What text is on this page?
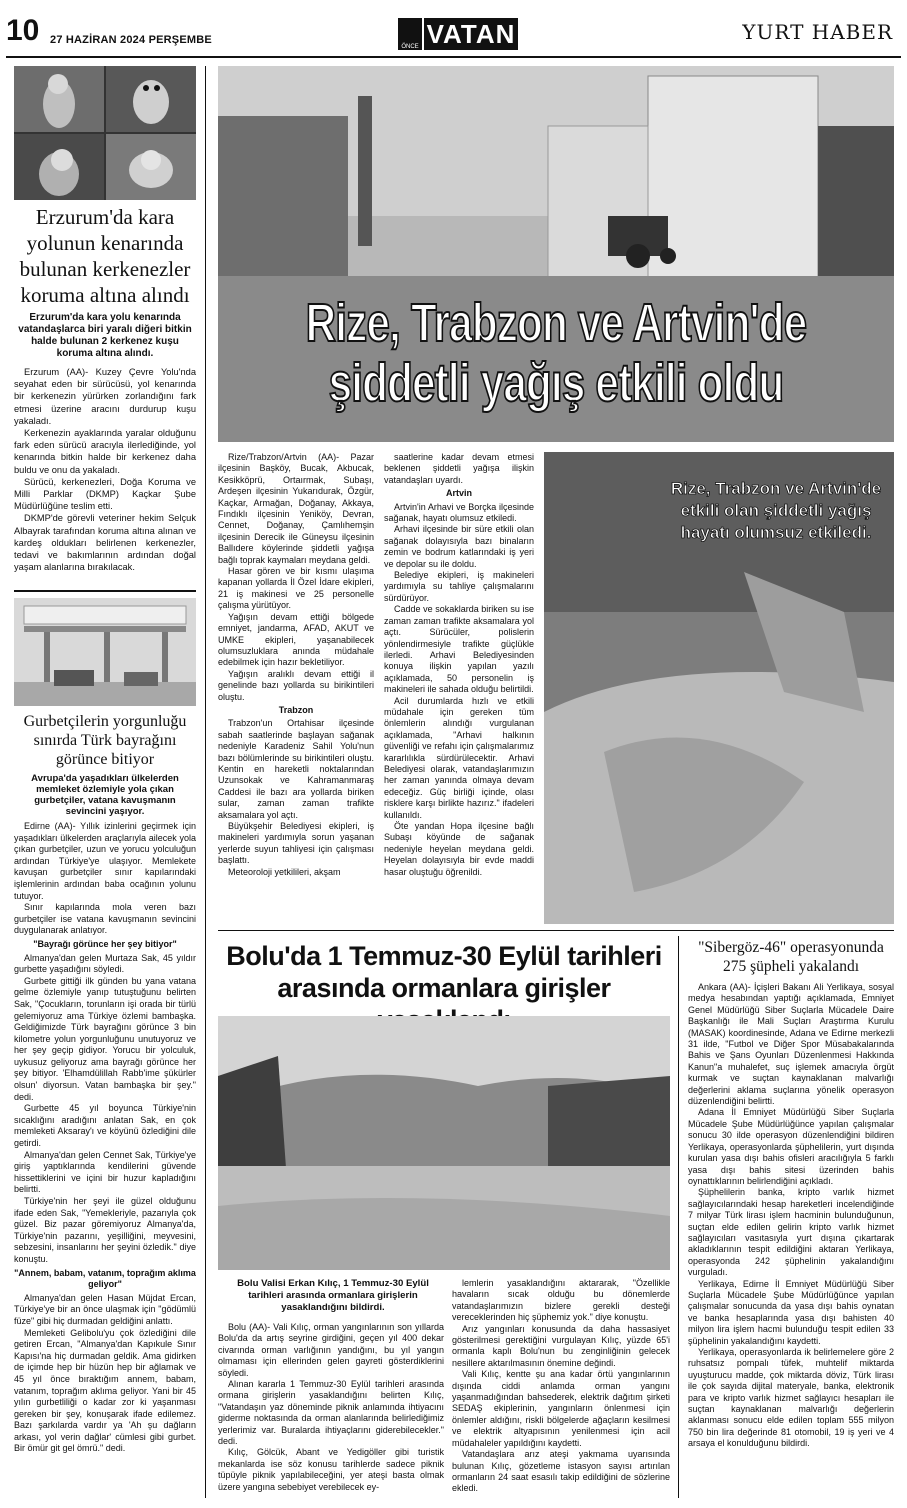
10 27 HAZİRAN 2024 PERŞEMBE
ÖNCE VATAN	YURT HABER
Erzurum'da kara yolunun kenarında bulunan kerkenezler koruma altına alındı
Erzurum'da kara yolu kenarında vatandaşlarca biri yaralı diğeri bitkin halde bulunan 2 kerkenez kuşu koruma altına alındı.

Erzurum (AA)- Kuzey Çevre Yolu'nda seyahat eden bir sürücüsü, yol kenarında bir kerkenezin yürürken zorlandığını fark etmesi üzerine aracını durdurup kuşu yakaladı.

Kerkenezin ayaklarında yaralar olduğunu fark eden sürücü aracıyla ilerlediğinde, yol kenarında bitkin halde bir kerkenez daha buldu ve onu da yakaladı.

Sürücü, kerkenezleri, Doğa Koruma ve Milli Parklar (DKMP) Kaçkar Şube Müdürlüğüne teslim etti.

DKMP'de görevli veteriner hekim Selçuk Albayrak tarafından koruma altına alınan ve kardeş oldukları belirlenen kerkenezler, tedavi ve bakımlarının ardından doğal yaşam alanlarına bırakılacak.

Gurbetçilerin yorgunluğu sınırda Türk bayrağını görünce bitiyor
Avrupa'da yaşadıkları ülkelerden memleket özlemiyle yola çıkan gurbetçiler, vatana kavuşmanın sevincini yaşıyor.

Edirne (AA)- Yıllık izinlerini geçirmek için yaşadıkları ülkelerden araçlarıyla ailecek yola çıkan gurbetçiler, uzun ve yorucu yolculuğun ardından Türkiye'ye ulaşıyor. Memlekete kavuşan gurbetçiler sınır kapılarındaki işlemlerinin ardından baba ocağının yolunu tutuyor.

Sınır kapılarında mola veren bazı gurbetçiler ise vatana kavuşmanın sevincini duygulanarak anlatıyor.

"Bayrağı görünce her şey bitiyor"

Almanya'dan gelen Murtaza Sak, 45 yıldır gurbette yaşadığını söyledi.

Gurbete gittiği ilk günden bu yana vatana gelme özlemiyle yanıp tutuştuğunu belirten Sak, "Çocukların, torunların işi orada bir türlü gelemiyoruz ama Türkiye özlemi bambaşka. Geldiğimizde Türk bayrağını görünce 3 bin kilometre yolun yorgunluğunu unutuyoruz ve her şey geçip gidiyor. Yorucu bir yolculuk, uykusuz geliyoruz ama bayrağı görünce her şey bitiyor. 'Elhamdülillah Rabb'ime şükürler olsun' diyorsun. Vatan bambaşka bir şey." dedi.

Gurbette 45 yıl boyunca Türkiye'nin sıcaklığını aradığını anlatan Sak, en çok memleketi Aksaray'ı ve köyünü özlediğini dile getirdi.

Almanya'dan gelen Cennet Sak, Türkiye'ye giriş yaptıklarında kendilerini güvende hissettiklerini ve içini bir huzur kapladığını belirtti.

Türkiye'nin her şeyi ile güzel olduğunu ifade eden Sak, "Yemekleriyle, pazarıyla çok güzel. Biz pazar göremiyoruz Almanya'da, Türkiye'nin pazarını, yeşilliğini, meyvesini, sebzesini, insanlarını her şeyini özledik." diye konuştu.

"Annem, babam, vatanım, toprağım aklıma geliyor"

Almanya'dan gelen Hasan Müjdat Ercan, Türkiye'ye bir an önce ulaşmak için "gödümlü füze" gibi hiç durmadan geldiğini anlattı.

Memleketi Gelibolu'yu çok özlediğini dile getiren Ercan, "Almanya'dan Kapıkule Sınır Kapısı'na hiç durmadan geldik. Ama gidirken de içimde hep bir hüzün hep bir ağlamak ve 45 yıl önce bıraktığım annem, babam, vatanım, toprağım aklıma geliyor. Yani bir 45 yılın gurbetliliği o kadar zor ki yaşanması gereken bir şey, konuşarak ifade edilemez. Bazı şarkılarda vardır ya 'Ah şu dağların arkası, yol verin dağlar' cümlesi gibi gurbet. Bir ömür git gel ömrü." dedi.

Rize, Trabzon ve Artvin'de şiddetli yağış etkili oldu

Rize/Trabzon/Artvin (AA)- Pazar ilçesinin Başköy, Bucak, Akbucak, Kesikköprü, Ortaırmak, Subaşı, Ardeşen ilçesinin Yukarıdurak, Özgür, Kaçkar, Armağan, Doğanay, Akkaya, Fındıklı ilçesinin Yeniköy, Devran, Cennet, Doğanay, Çamlıhemşin ilçesinin Derecik ile Güneysu ilçesinin Ballıdere köylerinde şiddetli yağışa bağlı toprak kaymaları meydana geldi.

Hasar gören ve bir kısmı ulaşıma kapanan yollarda İl Özel İdare ekipleri, 21 iş makinesi ve 25 personelle çalışma yürütüyor.

Yağışın devam ettiği bölgede emniyet, jandarma, AFAD, AKUT ve UMKE ekipleri, yaşanabilecek olumsuzluklara anında müdahale edebilmek için hazır bekletiliyor.

Yağışın aralıklı devam ettiği il genelinde bazı yollarda su birikintileri oluştu.

Trabzon

Trabzon'un Ortahisar ilçesinde sabah saatlerinde başlayan sağanak nedeniyle Karadeniz Sahil Yolu'nun bazı bölümlerinde su birikintileri oluştu. Kentin en hareketli noktalarından Uzunsokak ve Kahramanmaraş Caddesi ile bazı ara yollarda biriken sular, zaman zaman trafikte aksamalara yol açtı.

Büyükşehir Belediyesi ekipleri, iş makineleri yardımıyla sorun yaşanan yerlerde suyun tahliyesi için çalışması başlattı.

Meteoroloji yetkilileri, akşam

saatlerine kadar devam etmesi beklenen şiddetli yağışa ilişkin vatandaşları uyardı.

Artvin

Artvin'in Arhavi ve Borçka ilçesinde sağanak, hayatı olumsuz etkiledi.

Arhavi ilçesinde bir süre etkili olan sağanak dolayısıyla bazı binaların zemin ve bodrum katlarındaki iş yeri ve depolar su ile doldu.

Belediye ekipleri, iş makineleri yardımıyla su tahliye çalışmalarını sürdürüyor.

Cadde ve sokaklarda biriken su ise zaman zaman trafikte aksamalara yol açtı. Sürücüler, polislerin yönlendirmesiyle trafikte güçlükle ilerledi. Arhavi Belediyesinden konuya ilişkin yapılan yazılı açıklamada, 50 personelin iş makineleri ile sahada olduğu belirtildi.

Acil durumlarda hızlı ve etkili müdahale için gereken tüm önlemlerin alındığı vurgulanan açıklamada, "Arhavi halkının güvenliği ve refahı için çalışmalarımız kararlılıkla sürdürülecektir. Arhavi Belediyesi olarak, vatandaşlarımızın her zaman yanında olmaya devam edeceğiz. Güç birliği içinde, olası risklere karşı birlikte hazırız." ifadeleri kullanıldı.

Öte yandan Hopa ilçesine bağlı Subaşı köyünde de sağanak nedeniyle heyelan meydana geldi. Heyelan dolayısıyla bir evde maddi hasar oluştuğu öğrenildi.

Rize, Trabzon ve Artvin'de etkili olan şiddetli yağış hayatı olumsuz etkiledi.
Bolu'da 1 Temmuz-30 Eylül tarihleri arasında ormanlara girişler
Bolu Valisi Erkan Kılıç, 1 Temmuz-30 Eylül tarihleri arasında ormanlara girişlerin yasaklandığını bildirdi.

Bolu (AA)- Vali Kılıç, orman yangınlarının son yıllarda Bolu'da da artış seyrine girdiğini, geçen yıl 400 dekar civarında orman varlığının yandığını, bu yıl yangın olmaması için ellerinden gelen gayreti gösterdiklerini söyledi.

Alınan kararla 1 Temmuz-30 Eylül tarihleri arasında ormana girişlerin yasaklandığını belirten Kılıç, "Vatandaşın yaz döneminde piknik anlamında ihtiyacını giderme noktasında da orman alanlarında belirlediğimiz yerlerimiz var. Buralarda ihtiyaçlarını giderebilecekler." dedi.

Kılıç, Gölcük, Abant ve Yedigöller gibi turistik mekanlarda ise söz konusu tarihlerde sadece piknik tüpüyle piknik yapılabileceğini, yer ateşi basta olmak üzere yangına sebebiyet verebilecek ey-

lemlerin yasaklandığını aktararak, "Özellikle havaların sıcak olduğu bu dönemlerde vatandaşlarımızın bizlere gerekli desteği vereceklerinden hiç şüphemiz yok." diye konuştu.

Arız yangınları konusunda da daha hassasiyet gösterilmesi gerektiğini vurgulayan Kılıç, yüzde 65'i ormanla kaplı Bolu'nun bu zenginliğinin gelecek nesillere aktarılmasının önemine değindi.

Vali Kılıç, kentte şu ana kadar örtü yangınlarının dışında ciddi anlamda orman yangını yaşanmadığından bahsederek, elektrik dağıtım şirketi SEDAŞ ekiplerinin, yangınların önlenmesi için önlemler aldığını, riskli bölgelerde ağaçların kesilmesi ve elektrik altyapısının yenilenmesi için acil müdahaleler yapıldığını kaydetti.

Vatandaşlara arız ateşi yakmama uyarısında bulunan Kılıç, gözetleme istasyon sayısı artırılan ormanların 24 saat esasılı takip edildiğini de sözlerine ekledi.

"Sibergöz-46" operasyonunda 275 şüpheli yakalandı

Ankara (AA)- İçişleri Bakanı Ali Yerlikaya, sosyal medya hesabından yaptığı açıklamada, Emniyet Genel Müdürlüğü Siber Suçlarla Mücadele Daire Başkanlığı ile Mali Suçları Araştırma Kurulu (MASAK) koordinesinde, Adana ve Edirne merkezli 31 ilde, "Futbol ve Diğer Spor Müsabakalarında Bahis ve Şans Oyunları Düzenlenmesi Hakkında Kanun"a muhalefet, suç işlemek amacıyla örgüt kurmak ve suçtan kaynaklanan malvarlığı değerlerini aklama suçlarına yönelik operasyon düzenlendiğini belirtti.

Adana İl Emniyet Müdürlüğü Siber Suçlarla Mücadele Şube Müdürlüğünce yapılan çalışmalar sonucu 30 ilde operasyon düzenlendiğini bildiren Yerlikaya, operasyonlarda şüphelilerin, yurt dışında kurulan yasa dışı bahis ofisleri aracılığıyla 5 farklı yasa dışı bahis sitesi üzerinden bahis oynattıklarının belirlendiğini açıkladı.

Şüphelilerin banka, kripto varlık hizmet sağlayıcılarındaki hesap hareketleri incelendiğinde 7 milyar Türk lirası işlem hacminin bulunduğunun, suçtan elde edilen gelirin kripto varlık hizmet sağlayıcıları vasıtasıyla yurt dışına çıkartarak akladıklarının tespit edildiğini aktaran Yerlikaya, operasyonda 242 şüphelinin yakalandığını vurguladı.

Yerlikaya, Edirne İl Emniyet Müdürlüğü Siber Suçlarla Mücadele Şube Müdürlüğünce yapılan çalışmalar sonucunda da yasa dışı bahis oynatan ve banka hesaplarında yasa dışı bahisten 40 milyon lira işlem hacmi bulunduğu tespit edilen 33 şüphelinin yakalandığını kaydetti.

Yerlikaya, operasyonlarda ik belirlemelere göre 2 ruhsatsız pompalı tüfek, muhtelif miktarda uyuşturucu madde, çok miktarda döviz, Türk lirası ile çok sayıda dijital materyale, banka, elektronik para ve kripto varlık hizmet sağlayıcı hesapları ile suçtan kaynaklanan malvarlığı değerlerin aklanması sonucu elde edilen toplam 555 milyon 750 bin lira değerinde 81 otomobil, 19 iş yeri ve 4 arsaya el konulduğunu bildirdi.
